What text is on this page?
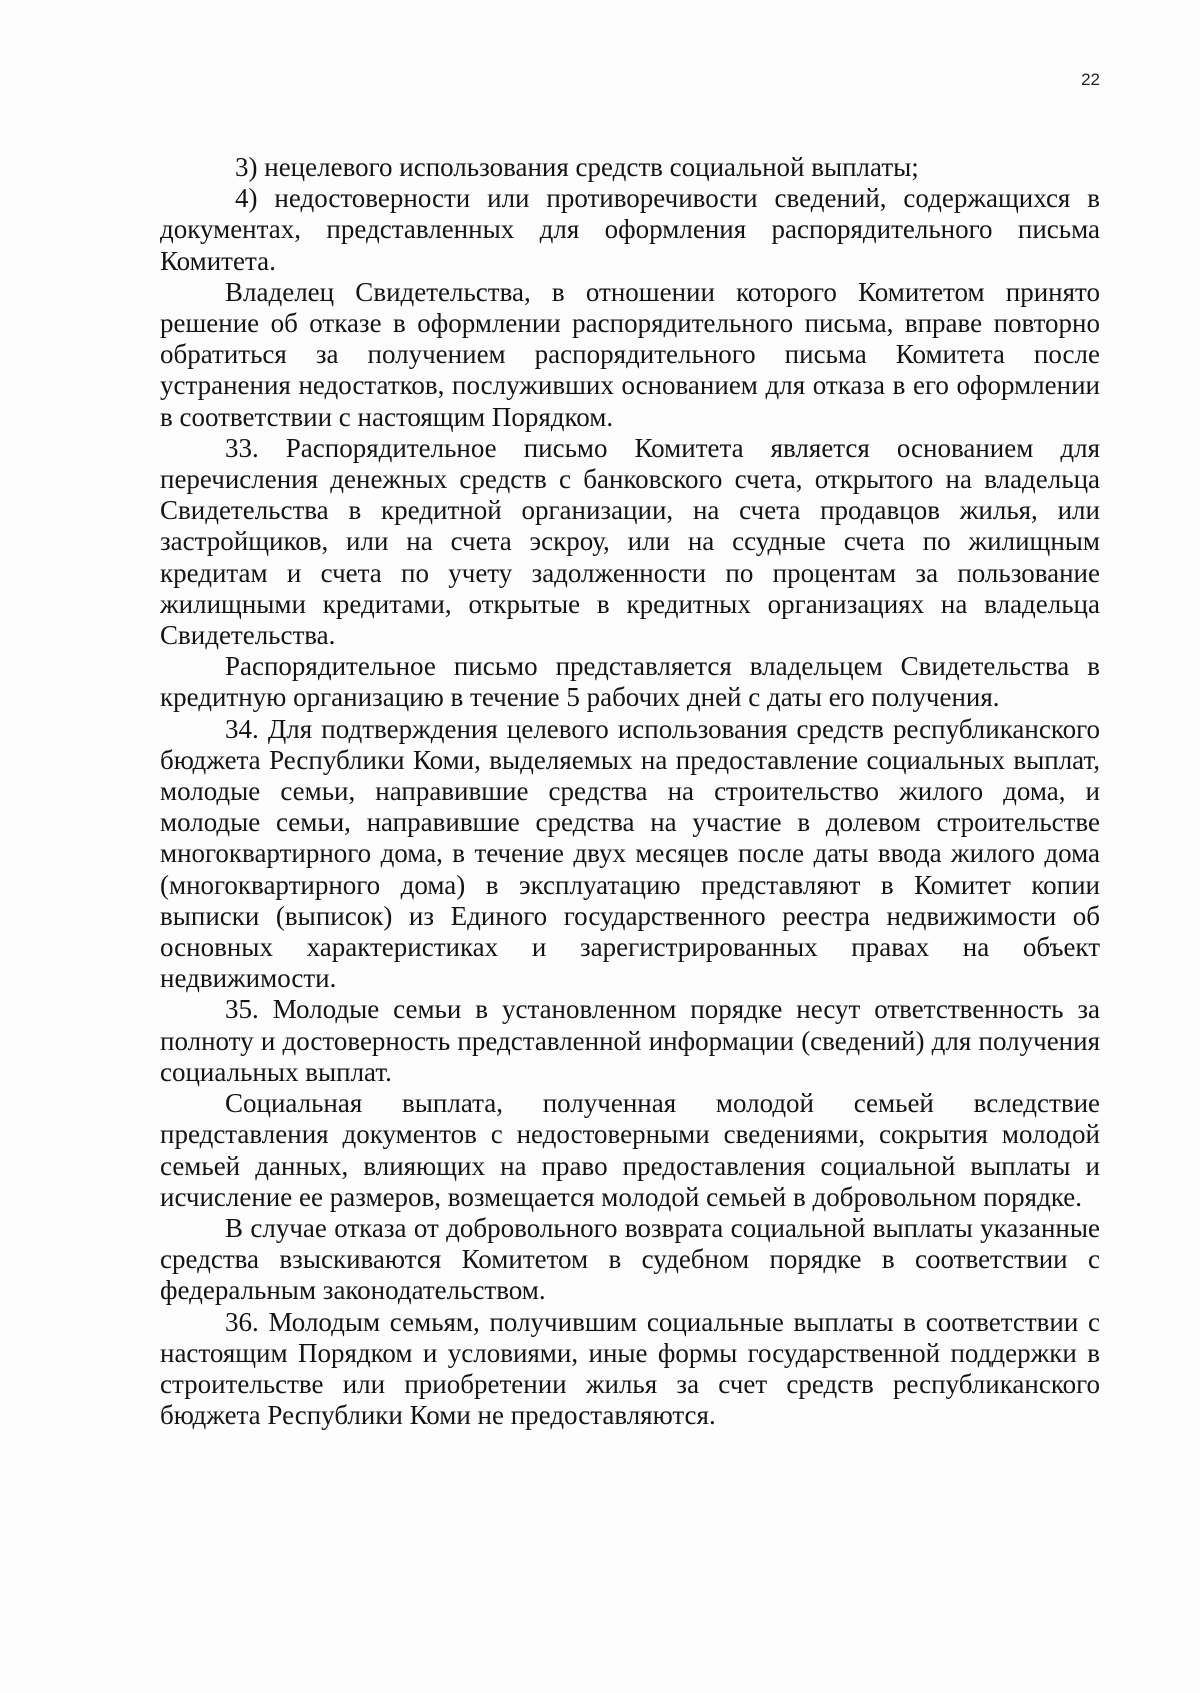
22

3) нецелевого использования средств социальной выплаты;

4) недостоверности или противоречивости сведений, содержащихся в документах, представленных для оформления распорядительного письма Комитета.

Владелец Свидетельства, в отношении которого Комитетом принято решение об отказе в оформлении распорядительного письма, вправе повторно обратиться за получением распорядительного письма Комитета после устранения недостатков, послуживших основанием для отказа в его оформлении в соответствии с настоящим Порядком.

33. Распорядительное письмо Комитета является основанием для перечисления денежных средств с банковского счета, открытого на владельца Свидетельства в кредитной организации, на счета продавцов жилья, или застройщиков, или на счета эскроу, или на ссудные счета по жилищным кредитам и счета по учету задолженности по процентам за пользование жилищными кредитами, открытые в кредитных организациях на владельца Свидетельства.

Распорядительное письмо представляется владельцем Свидетельства в кредитную организацию в течение 5 рабочих дней с даты его получения.

34. Для подтверждения целевого использования средств республиканского бюджета Республики Коми, выделяемых на предоставление социальных выплат, молодые семьи, направившие средства на строительство жилого дома, и молодые семьи, направившие средства на участие в долевом строительстве многоквартирного дома, в течение двух месяцев после даты ввода жилого дома (многоквартирного дома) в эксплуатацию представляют в Комитет копии выписки (выписок) из Единого государственного реестра недвижимости об основных характеристиках и зарегистрированных правах на объект недвижимости.

35. Молодые семьи в установленном порядке несут ответственность за полноту и достоверность представленной информации (сведений) для получения социальных выплат.

Социальная выплата, полученная молодой семьей вследствие представления документов с недостоверными сведениями, сокрытия молодой семьей данных, влияющих на право предоставления социальной выплаты и исчисление ее размеров, возмещается молодой семьей в добровольном порядке.

В случае отказа от добровольного возврата социальной выплаты указанные средства взыскиваются Комитетом в судебном порядке в соответствии с федеральным законодательством.

36. Молодым семьям, получившим социальные выплаты в соответствии с настоящим Порядком и условиями, иные формы государственной поддержки в строительстве или приобретении жилья за счет средств республиканского бюджета Республики Коми не предоставляются.
